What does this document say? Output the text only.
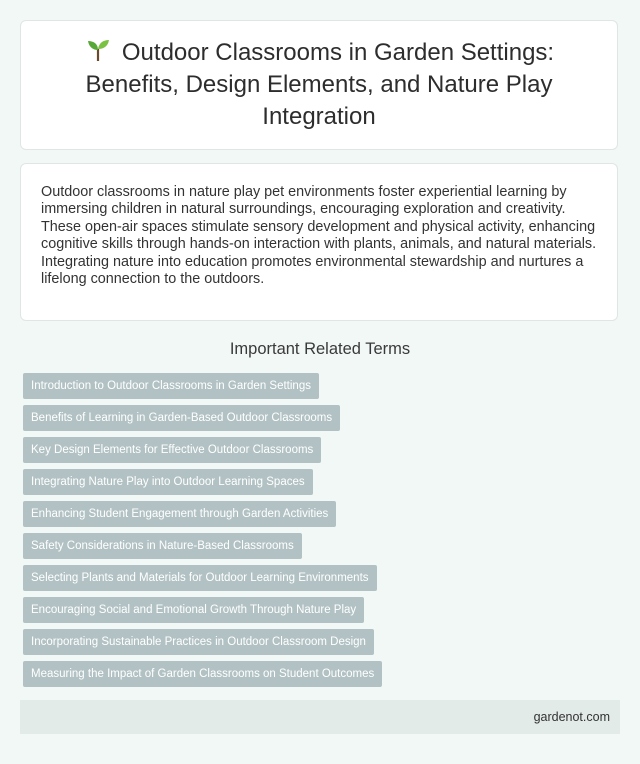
Outdoor Classrooms in Garden Settings: Benefits, Design Elements, and Nature Play Integration

Outdoor classrooms in nature play pet environments foster experiential learning by immersing children in natural surroundings, encouraging exploration and creativity. These open-air spaces stimulate sensory development and physical activity, enhancing cognitive skills through hands-on interaction with plants, animals, and natural materials. Integrating nature into education promotes environmental stewardship and nurtures a lifelong connection to the outdoors.

Important Related Terms
Introduction to Outdoor Classrooms in Garden Settings
Benefits of Learning in Garden-Based Outdoor Classrooms
Key Design Elements for Effective Outdoor Classrooms
Integrating Nature Play into Outdoor Learning Spaces
Enhancing Student Engagement through Garden Activities
Safety Considerations in Nature-Based Classrooms
Selecting Plants and Materials for Outdoor Learning Environments
Encouraging Social and Emotional Growth Through Nature Play
Incorporating Sustainable Practices in Outdoor Classroom Design
Measuring the Impact of Garden Classrooms on Student Outcomes
gardenot.com
